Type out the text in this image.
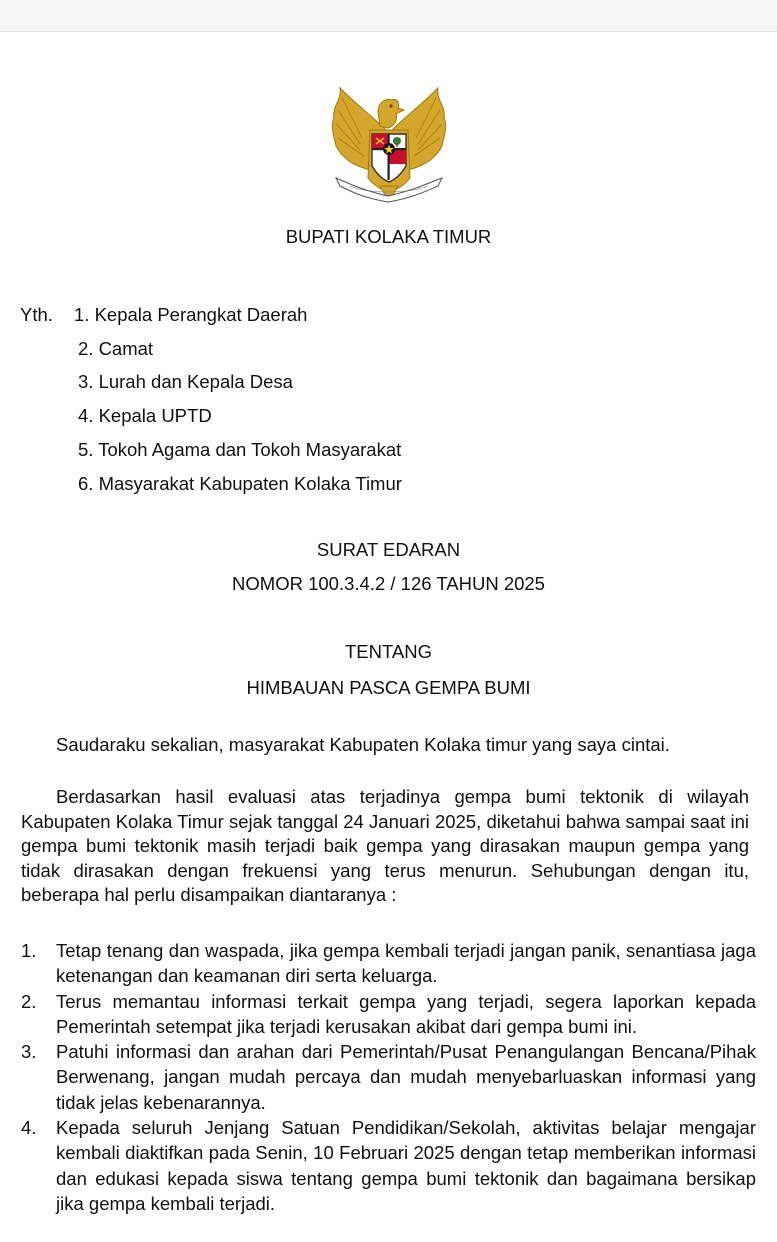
BUPATI KOLAKA TIMUR
Yth. 1. Kepala Perangkat Daerah
2. Camat
3. Lurah dan Kepala Desa
4. Kepala UPTD
5. Tokoh Agama dan Tokoh Masyarakat
6. Masyarakat Kabupaten Kolaka Timur
SURAT EDARAN
NOMOR 100.3.4.2 / 126 TAHUN 2025
TENTANG
HIMBAUAN PASCA GEMPA BUMI
Saudaraku sekalian, masyarakat Kabupaten Kolaka timur yang saya cintai.
Berdasarkan hasil evaluasi atas terjadinya gempa bumi tektonik di wilayah Kabupaten Kolaka Timur sejak tanggal 24 Januari 2025, diketahui bahwa sampai saat ini gempa bumi tektonik masih terjadi baik gempa yang dirasakan maupun gempa yang tidak dirasakan dengan frekuensi yang terus menurun. Sehubungan dengan itu, beberapa hal perlu disampaikan diantaranya :
1. Tetap tenang dan waspada, jika gempa kembali terjadi jangan panik, senantiasa jaga ketenangan dan keamanan diri serta keluarga.
2. Terus memantau informasi terkait gempa yang terjadi, segera laporkan kepada Pemerintah setempat jika terjadi kerusakan akibat dari gempa bumi ini.
3. Patuhi informasi dan arahan dari Pemerintah/Pusat Penangulangan Bencana/Pihak Berwenang, jangan mudah percaya dan mudah menyebarluaskan informasi yang tidak jelas kebenarannya.
4. Kepada seluruh Jenjang Satuan Pendidikan/Sekolah, aktivitas belajar mengajar kembali diaktifkan pada Senin, 10 Februari 2025 dengan tetap memberikan informasi dan edukasi kepada siswa tentang gempa bumi tektonik dan bagaimana bersikap jika gempa kembali terjadi.
